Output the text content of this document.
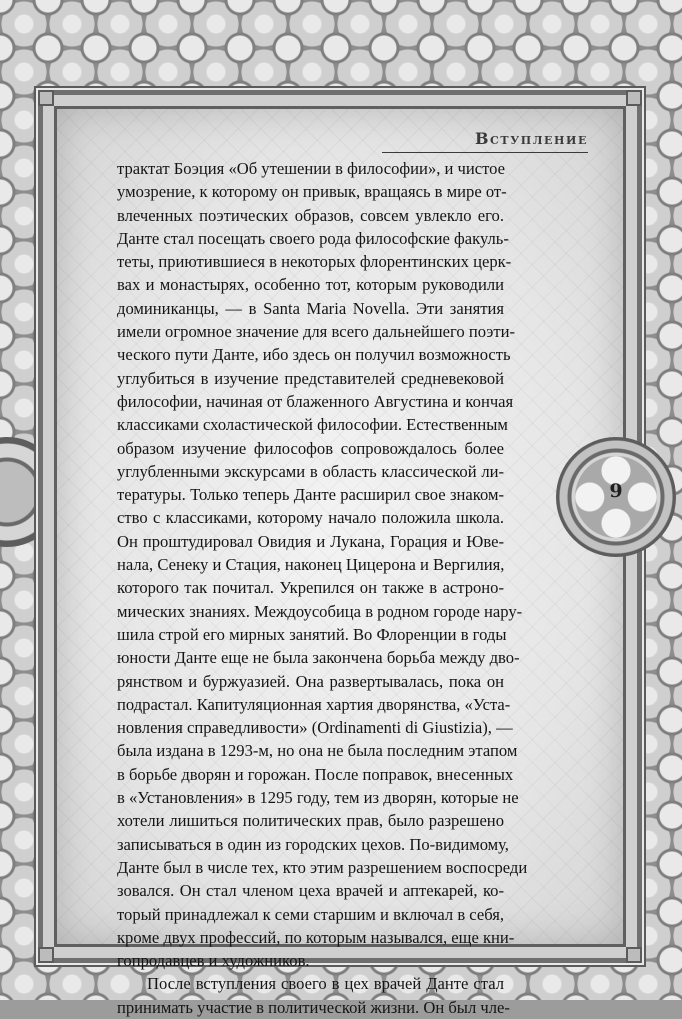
9
Вступление
трактат Боэция «Об утешении в философии», и чистое
умозрение, к которому он привык, вращаясь в мире от-
влеченных поэтических образов, совсем увлекло его.
Данте стал посещать своего рода философские факуль-
теты, приютившиеся в некоторых флорентинских церк-
вах и монастырях, особенно тот, которым руководили
доминиканцы, — в Santa Maria Novella. Эти занятия
имели огромное значение для всего дальнейшего поэти-
ческого пути Данте, ибо здесь он получил возможность
углубиться в изучение представителей средневековой
философии, начиная от блаженного Августина и кончая
классиками схоластической философии. Естественным
образом изучение философов сопровождалось более
углубленными экскурсами в область классической ли-
тературы. Только теперь Данте расширил свое знаком-
ство с классиками, которому начало положила школа.
Он проштудировал Овидия и Лукана, Горация и Юве-
нала, Сенеку и Стация, наконец Цицерона и Вергилия,
которого так почитал. Укрепился он также в астроно-
мических знаниях. Междоусобица в родном городе нару-
шила строй его мирных занятий. Во Флоренции в годы
юности Данте еще не была закончена борьба между дво-
рянством и буржуазией. Она развертывалась, пока он
подрастал. Капитуляционная хартия дворянства, «Уста-
новления справедливости» (Ordinamenti di Giustizia), —
была издана в 1293-м, но она не была последним этапом
в борьбе дворян и горожан. После поправок, внесенных
в «Установления» в 1295 году, тем из дворян, которые не
хотели лишиться политических прав, было разрешено
записываться в один из городских цехов. По-видимому,
Данте был в числе тех, кто этим разрешением воспосреди
зовался. Он стал членом цеха врачей и аптекарей, ко-
торый принадлежал к семи старшим и включал в себя,
кроме двух профессий, по которым назывался, еще кни-
гопродавцев и художников.
После вступления своего в цех врачей Данте стал
принимать участие в политической жизни. Он был чле-
